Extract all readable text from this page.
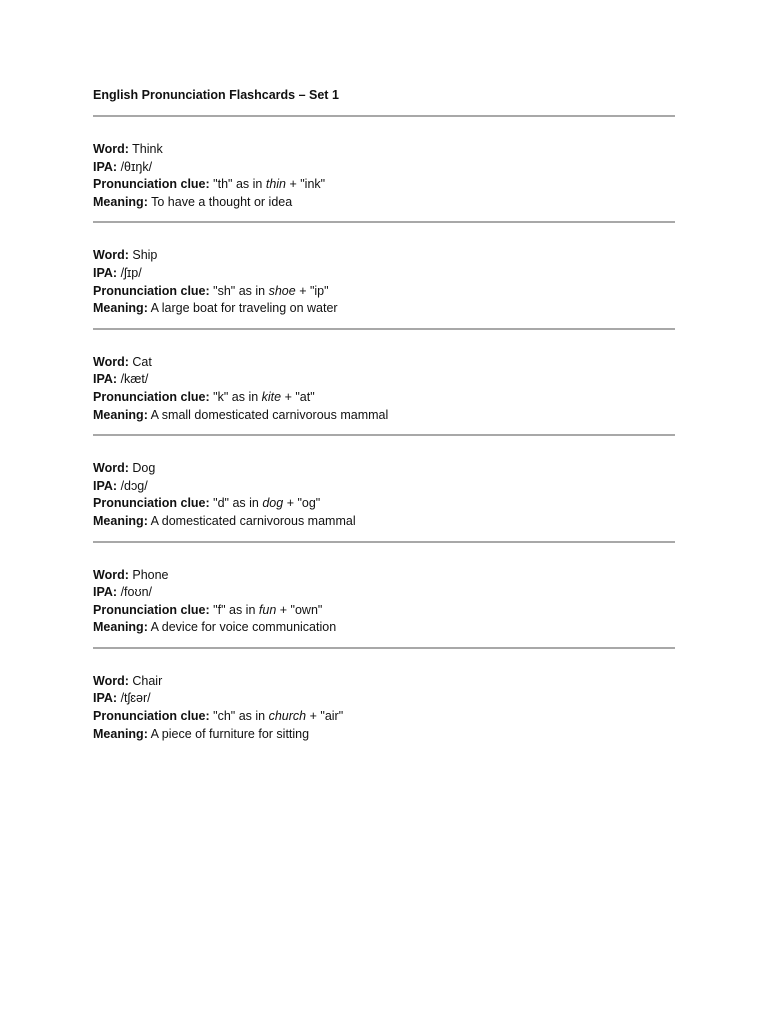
English Pronunciation Flashcards – Set 1
Word: Think
IPA: /θɪŋk/
Pronunciation clue: "th" as in thin + "ink"
Meaning: To have a thought or idea
Word: Ship
IPA: /ʃɪp/
Pronunciation clue: "sh" as in shoe + "ip"
Meaning: A large boat for traveling on water
Word: Cat
IPA: /kæt/
Pronunciation clue: "k" as in kite + "at"
Meaning: A small domesticated carnivorous mammal
Word: Dog
IPA: /dɔg/
Pronunciation clue: "d" as in dog + "og"
Meaning: A domesticated carnivorous mammal
Word: Phone
IPA: /foʊn/
Pronunciation clue: "f" as in fun + "own"
Meaning: A device for voice communication
Word: Chair
IPA: /tʃɛər/
Pronunciation clue: "ch" as in church + "air"
Meaning: A piece of furniture for sitting
